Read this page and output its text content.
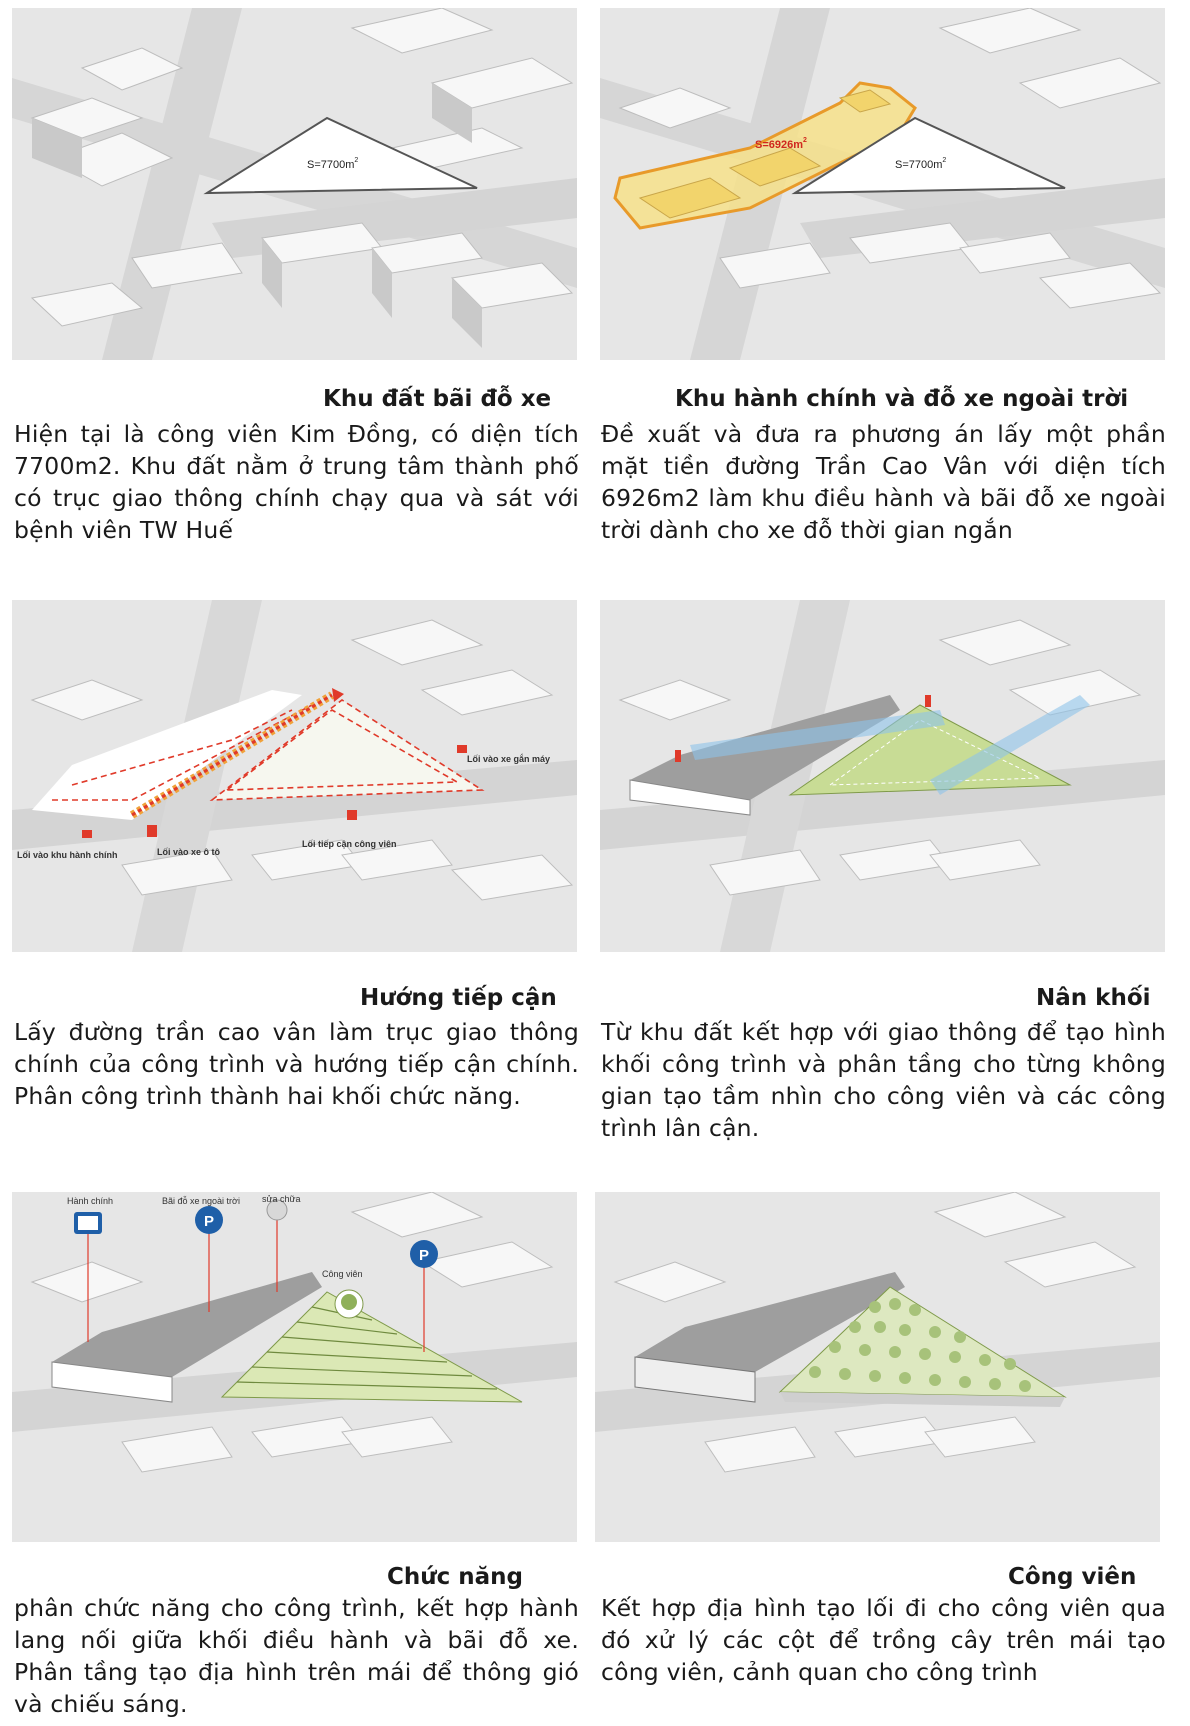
$S=7700m^2$
$S=6926m^2$
$S=7700m^2$
Khu đất bãi đỗ xe
Hiện tại là công viên Kim Đồng, có diện tích 7700m2. Khu đất nằm ở trung tâm thành phố có trục giao thông chính chạy qua và sát với bệnh viên TW Huế
Khu hành chính và đỗ xe ngoài trời
Đề xuất và đưa ra phương án lấy một phần mặt tiền đường Trần Cao Vân với diện tích 6926m2 làm khu điều hành và bãi đỗ xe ngoài trời dành cho xe đỗ thời gian ngắn
Lối vào xe gắn máy
Lối vào khu hành chính	Lối vào xe ô tô
Lối tiếp cận công viên
Hướng tiếp cận
Lấy đường trần cao vân làm trục giao thông chính của công trình và hướng tiếp cận chính. Phân công trình thành hai khối chức năng.
Nân khối
Từ khu đất kết hợp với giao thông để tạo hình khối công trình và phân tầng cho từng không gian tạo tầm nhìn cho công viên và các công trình lân cận.
P
P
Hành chính	Bãi đỗ xe ngoài trời sửa chữa
Công viên
Chức năng
phân chức năng cho công trình, kết hợp hành lang nối giữa khối điều hành và bãi đỗ xe. Phân tầng tạo địa hình trên mái để thông gió và chiếu sáng.
Công viên
Kết hợp địa hình tạo lối đi cho công viên qua đó xử lý các cột để trồng cây trên mái tạo công viên, cảnh quan cho công trình
